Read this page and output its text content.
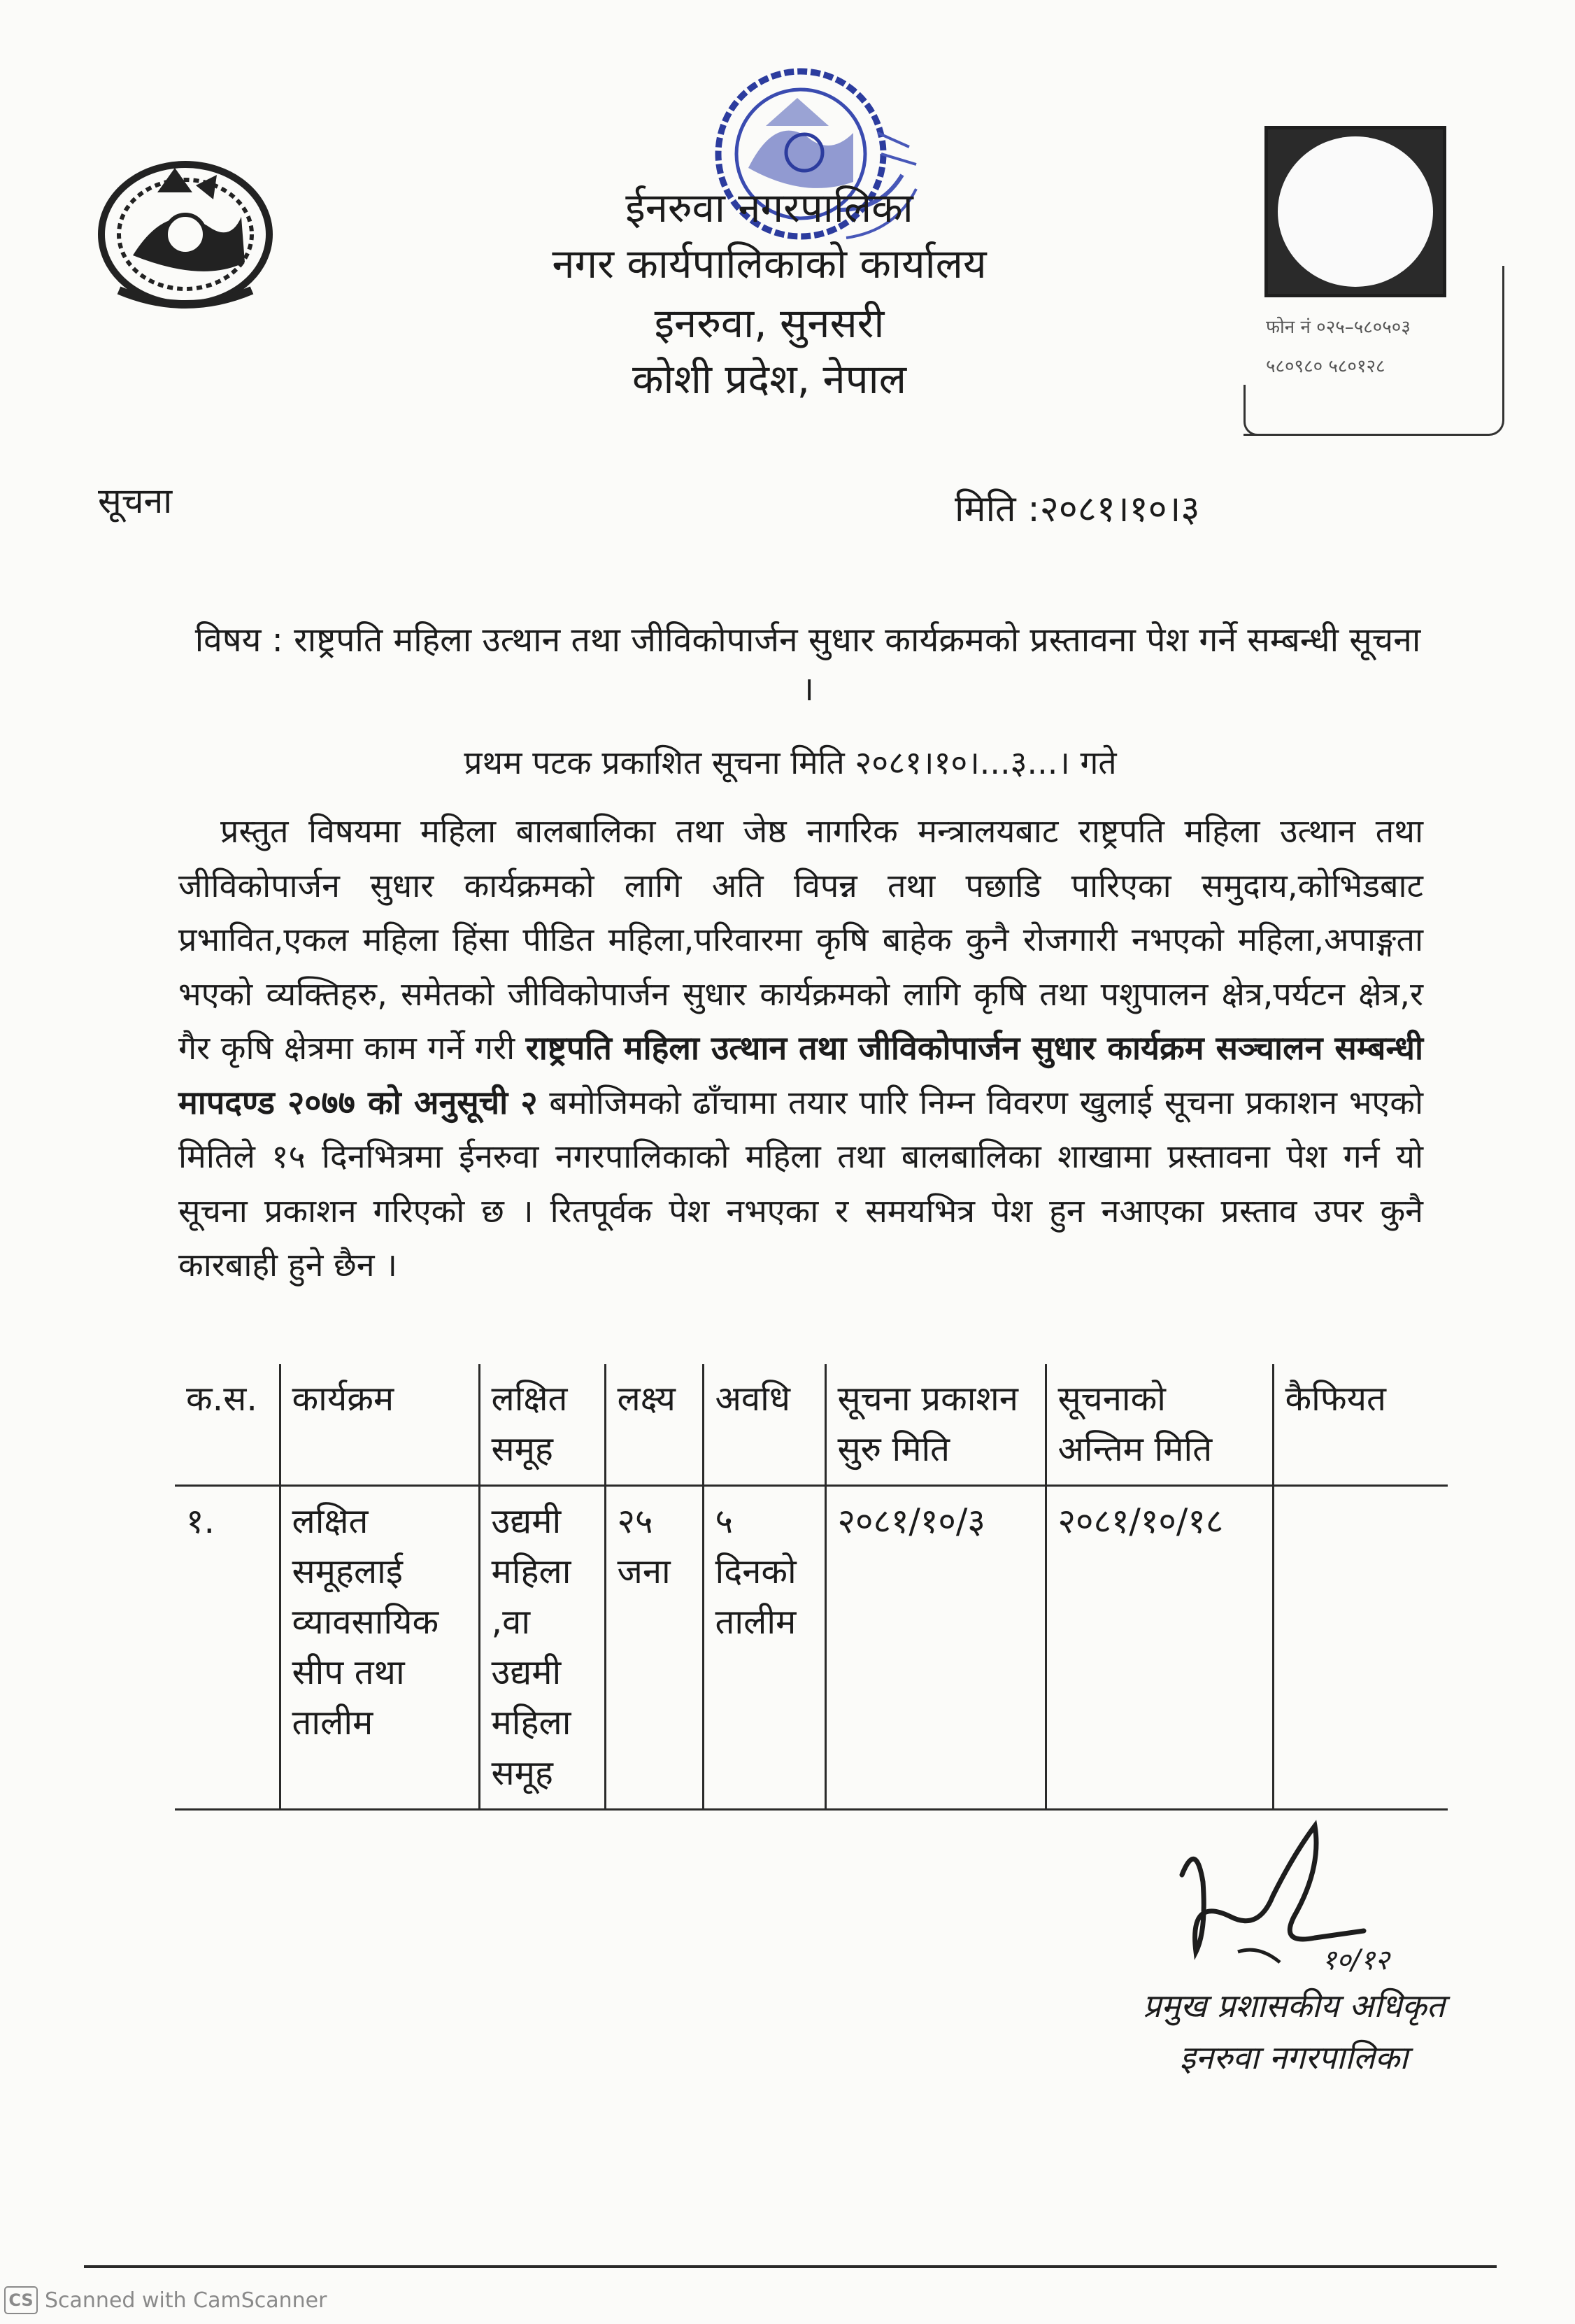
ईनरुवा नगरपालिका
नगर कार्यपालिकाको कार्यालय
इनरुवा, सुनसरी
कोशी प्रदेश, नेपाल
फोन नं ०२५–५८०५०३
५८०९८० ५८०१२८
सूचना	मिति :२०८१।१०।३
विषय : राष्ट्रपति महिला उत्थान तथा जीविकोपार्जन सुधार कार्यक्रमको प्रस्तावना पेश गर्ने सम्बन्धी सूचना ।
प्रथम पटक प्रकाशित सूचना मिति २०८१।१०।...३...। गते
प्रस्तुत विषयमा महिला बालबालिका तथा जेष्ठ नागरिक मन्त्रालयबाट राष्ट्रपति महिला उत्थान तथा जीविकोपार्जन सुधार कार्यक्रमको लागि अति विपन्न तथा पछाडि पारिएका समुदाय,कोभिडबाट प्रभावित,एकल महिला हिंसा पीडित महिला,परिवारमा कृषि बाहेक कुनै रोजगारी नभएको महिला,अपाङ्गता भएको व्यक्तिहरु, समेतको जीविकोपार्जन सुधार कार्यक्रमको लागि कृषि तथा पशुपालन क्षेत्र,पर्यटन क्षेत्र,र गैर कृषि क्षेत्रमा काम गर्ने गरी राष्ट्रपति महिला उत्थान तथा जीविकोपार्जन सुधार कार्यक्रम सञ्चालन सम्बन्धी मापदण्ड २०७७ को अनुसूची २ बमोजिमको ढाँचामा तयार पारि निम्न विवरण खुलाई सूचना प्रकाशन भएको मितिले १५ दिनभित्रमा ईनरुवा नगरपालिकाको महिला तथा बालबालिका शाखामा प्रस्तावना पेश गर्न यो सूचना प्रकाशन गरिएको छ । रितपूर्वक पेश नभएका र समयभित्र पेश हुन नआएका प्रस्ताव उपर कुनै कारबाही हुने छैन ।
क.स.	कार्यक्रम	लक्षित समूह	लक्ष्य	अवधि	सूचना प्रकाशन सुरु मिति	सूचनाको अन्तिम मिति	कैफियत
१.	लक्षित समूहलाई व्यावसायिक सीप तथा तालीम	उद्यमी महिला ,वा उद्यमी महिला समूह	२५ जना	५ दिनको तालीम	२०८१/१०/३	२०८१/१०/१८	
१०/१२
प्रमुख प्रशासकीय अधिकृत
इनरुवा नगरपालिका
CS Scanned with CamScanner
